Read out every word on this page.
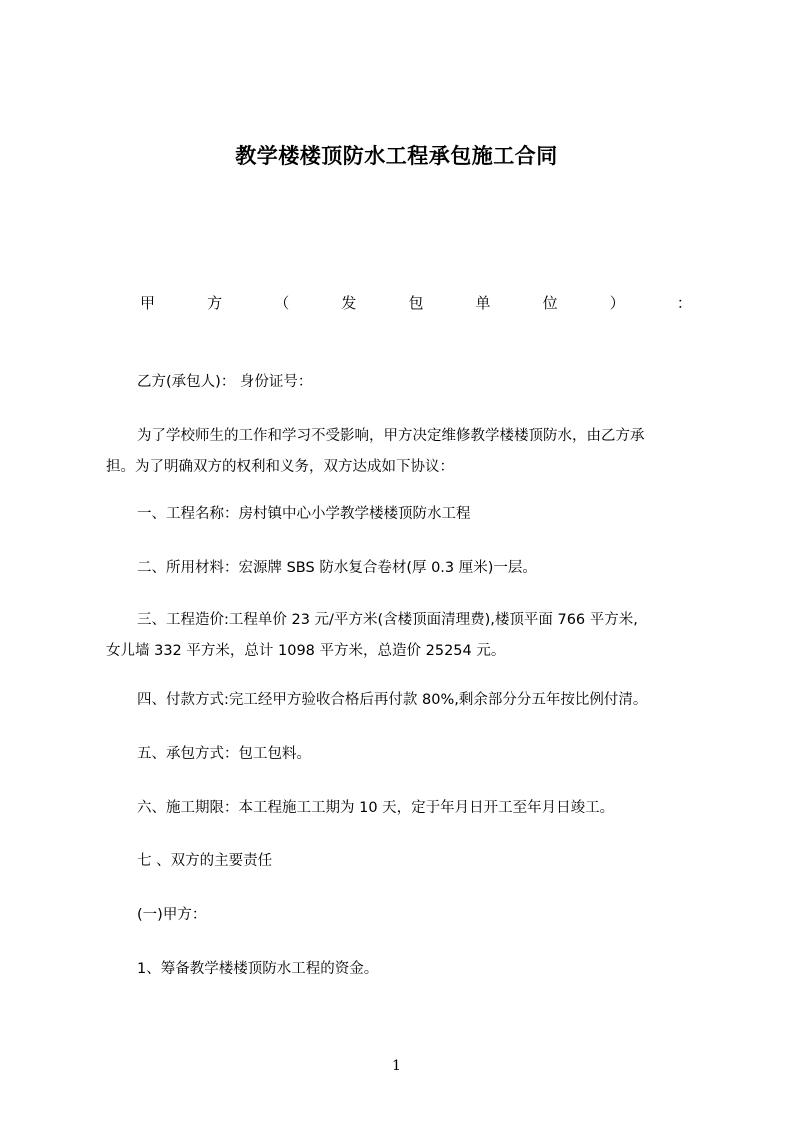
教学楼楼顶防水工程承包施工合同
甲	方	（	发	包	单	位	）	：
乙方(承包人)： 身份证号：
为了学校师生的工作和学习不受影响，甲方决定维修教学楼楼顶防水，由乙方承
担。为了明确双方的权利和义务，双方达成如下协议：
一、工程名称：房村镇中心小学教学楼楼顶防水工程
二、所用材料：宏源牌 SBS 防水复合卷材(厚 0.3 厘米)一层。
三、工程造价:工程单价 23 元/平方米(含楼顶面清理费),楼顶平面 766 平方米,
女儿墙 332 平方米，总计 1098 平方米，总造价 25254 元。
四、付款方式:完工经甲方验收合格后再付款 80%,剩余部分分五年按比例付清。
五、承包方式：包工包料。
六、施工期限：本工程施工工期为 10 天，定于年月日开工至年月日竣工。
七 、双方的主要责任
(一)甲方：
1、筹备教学楼楼顶防水工程的资金。
1
